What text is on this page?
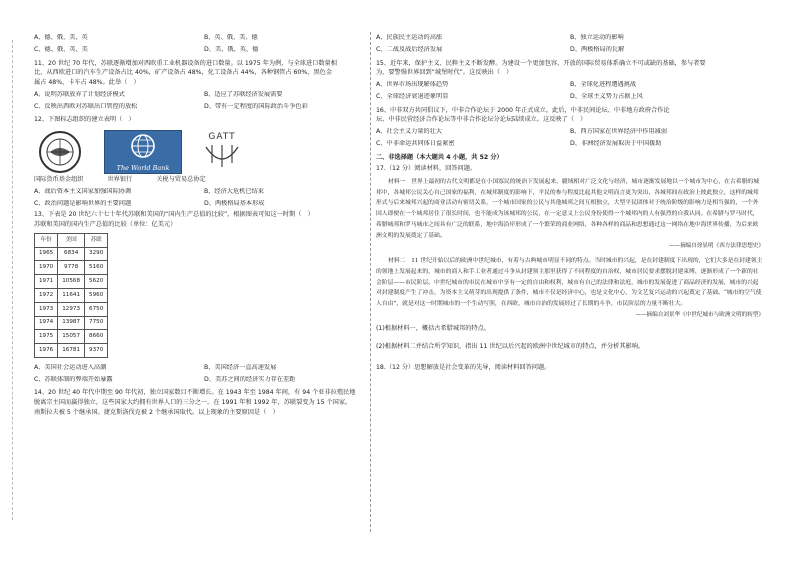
A、德、俄、美、英	B、英、俄、美、德
C、德、俄、英、美	D、美、俄、英、德

11、20 世纪 70 年代，苏联逐渐增加对西欧重工业机器设备的进口数量。以 1975 年为例，与全球进口数量相

比，从西欧进口的汽车生产设备占比 40%，矿产设备占 48%，化工设备占 44%，各种钢管占 60%，黑色金

属占 48%，卡车占 48%。此举（　）

A、说明苏联放弃了计划经济模式	B、适应了苏联经济发展需要
C、反映出西欧对苏联出口管控的放松	D、带有一定程度的国际政治斗争色彩

12、下图标志组织的建立表明（　）

The World Bank
GATT
国际货币基金组织	世界银行	关税与贸易总协定
A、战后资本主义国家加强国际协调	B、经济大危机已结束
C、政治问题是影响世界的主要问题	D、两极格局基本形成

13、下表是 20 世纪六十七十年代苏联和美国的“国内生产总值的比较”，根据图表可知这一时期（　）

苏联和美国的国内生产总值的比较（单位：亿美元）

年份	美国	苏联
1965	6834	3290
1970	9778	5160
1971	10568	5620
1972	11641	5960
1973	12973	6750
1974	13987	7750
1975	15057	8660
1976	16781	9370
A、美国社会运动进入高潮	B、美国经济一直高速发展
C、苏联体制的弊端开始暴露	D、美苏之间的经济实力存在差距

14、20 世纪 40 年代中期至 90 年代初，独立国家数目不断增长。在 1943 年至 1984 年间，有 94 个亚非拉殖民地

脱离宗主国而赢得独立，这些国家大约拥有世界人口的三分之一。在 1991 年和 1992 年，苏联裂变为 15 个国家，

南斯拉夫被 5 个继承国。捷克斯洛伐克被 2 个继承国取代。以上现象的主要原因是（　）

A、民族民主运动的高涨	B、独立运动的影响
C、二战及战后经济发展	D、两极格局的瓦解

15、近年来，保护主义、民粹主义不断发酵。为建设一个更加包容、开放的国际贸易体系确立不可或缺的基础，参与者要

为，要警惕世界回到“城堡时代”。这反映出（　）

A、世界市场出现解体趋势	B、全球化进程遭遇挑战
C、全球经济衰退迹象明显	D、全球主义势力占据上风

16、中非双方共同倡议下，中非合作论坛于 2000 年正式成立。此后，中非民间论坛、中非地方政府合作论

坛、中非民营经济合作论坛等中非合作论坛分论坛陆续成立。这反映了（　）

A、社会主义力量的壮大	B、西方国家在世界经济中作用减弱
C、中非命运共同体日益紧密	D、非洲经济发展取决于中国援助

二、非选择题（本大题共 4 小题，共 52 分）

17.（12 分）阅读材料，回答问题。

材料一　世界上最初的古代文明都是在小国寡民的统治下发展起来，疆域相对广泛文化与经济，城市逐渐发展地以一个城市为中心，在古希腊的城邦中，各城邦公民关心自己国家的福利，在城邦制度的影响下，平民的参与程度比起其他文明而言更为突出，各城邦间在政治上彼此独立，这样的城邦形式与后来城邦兴起的商业活动有密切关系，一个城市国家的公民与其他城邦之间互相独立，大型平民团体对于统治阶级的影响力是相当强的，一个外国人即便在一个城邦居住了很长时间，也不能成为该城邦的公民，在一定意义上公民身份使得一个城邦内的人有强烈的自我认同。在希腊与罗马时代，希腊城邦和罗马城市之间具有广泛的联系，地中海沿岸形成了一个繁荣的商业网络，各种各样的商品和思想通过这一网络在地中海世界传播，为后来欧洲文明的发展奠定了基础。

——摘编自徐显明《西方法律思想史》

材料二　11 世纪开始以后的欧洲中世纪城市，有着与古典城市明显不同的特点。当时城市的兴起，是在封建制度下出现的，它们大多是在封建领主的领地上发展起来的，城市的商人和手工业者通过斗争从封建领主那里获得了不同程度的自治权，城市居民要求摆脱封建束缚，逐渐形成了一个新的社会阶层——市民阶层。中世纪城市的市民在城市中享有一定的自由和权利，城市有自己的法律和法庭，城市的发展促进了商品经济的发展，城市的兴起对封建制度产生了冲击，为资本主义萌芽的出现提供了条件，城市不仅是经济中心，也是文化中心，为文艺复兴运动的兴起奠定了基础。“城市的空气使人自由”，就是对这一时期城市的一个生动写照，在西欧，城市自治的发展经过了长期的斗争，市民阶层的力量不断壮大。

——摘编自刘景华《中世纪城市与欧洲文明的转型》

(1)根据材料一，概括古希腊城邦的特点。

(2)根据材料二并结合所学知识，指出 11 世纪以后兴起的欧洲中世纪城市的特点，并分析其影响。

18.（12 分）思想解放是社会变革的先导，阅读材料回答问题。
